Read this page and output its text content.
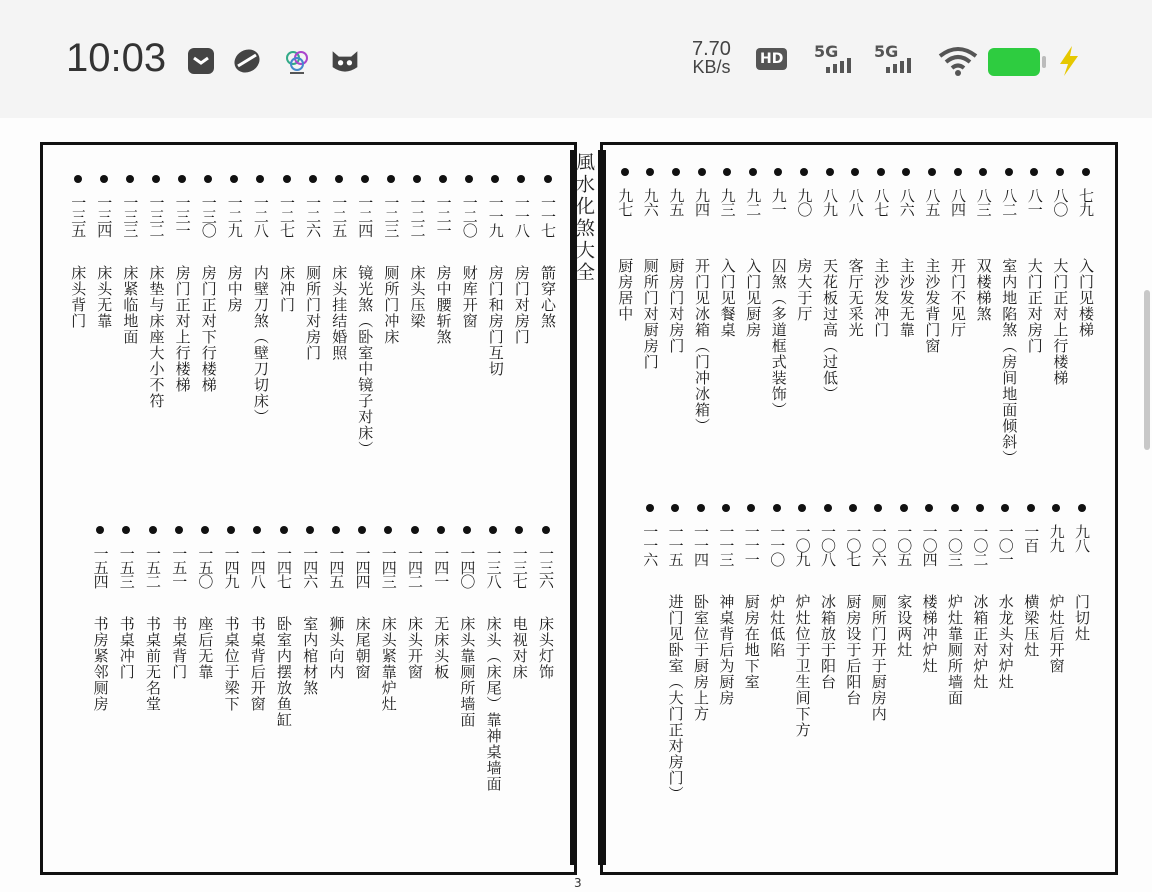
10:03	7.70
KB/s HD 5G 5G
風水化煞大全
3
一一七
箭穿心煞
一一八
房门对房门
一一九
房门和房门互切
一二〇
财库开窗
一二一
房中腰斩煞
一二二
床头压梁
一二三
厕所门冲床
一二四
镜光煞（卧室中镜子对床）
一二五
床头挂结婚照
一二六
厕所门对房门
一二七
床冲门
一二八
内壁刀煞（壁刀切床）
一二九
房中房
一三〇
房门正对下行楼梯
一三一
房门正对上行楼梯
一三二
床垫与床座大小不符
一三三
床紧临地面
一三四
床头无靠
一三五
床头背门
一三六
床头灯饰
一三七
电视对床
一三八
床头（床尾）靠神桌墙面
一四〇
床头靠厕所墙面
一四一
无床头板
一四二
床头开窗
一四三
床头紧靠炉灶
一四四
床尾朝窗
一四五
狮头向内
一四六
室内棺材煞
一四七
卧室内摆放鱼缸
一四八
书桌背后开窗
一四九
书桌位于梁下
一五〇
座后无靠
一五一
书桌背门
一五二
书桌前无名堂
一五三
书桌冲门
一五四
书房紧邻厕房
七九
入门见楼梯
八〇
大门正对上行楼梯
八一
大门正对房门
八二
室内地陷煞（房间地面倾斜）
八三
双楼梯煞
八四
开门不见厅
八五
主沙发背门窗
八六
主沙发无靠
八七
主沙发冲门
八八
客厅无采光
八九
天花板过高（过低）
九〇
房大于厅
九一
囚煞（多道框式装饰）
九二
入门见厨房
九三
入门见餐桌
九四
开门见冰箱（门冲冰箱）
九五
厨房门对房门
九六
厕所门对厨房门
九七
厨房居中
九八
门切灶
九九
炉灶后开窗
一百
横梁压灶
一〇一
水龙头对炉灶
一〇二
冰箱正对炉灶
一〇三
炉灶靠厕所墙面
一〇四
楼梯冲炉灶
一〇五
家设两灶
一〇六
厕所门开于厨房内
一〇七
厨房设于后阳台
一〇八
冰箱放于阳台
一〇九
炉灶位于卫生间下方
一一〇
炉灶低陷
一一一
厨房在地下室
一一三
神桌背后为厨房
一一四
卧室位于厨房上方
一一五
进门见卧室（大门正对房门）
一一六
